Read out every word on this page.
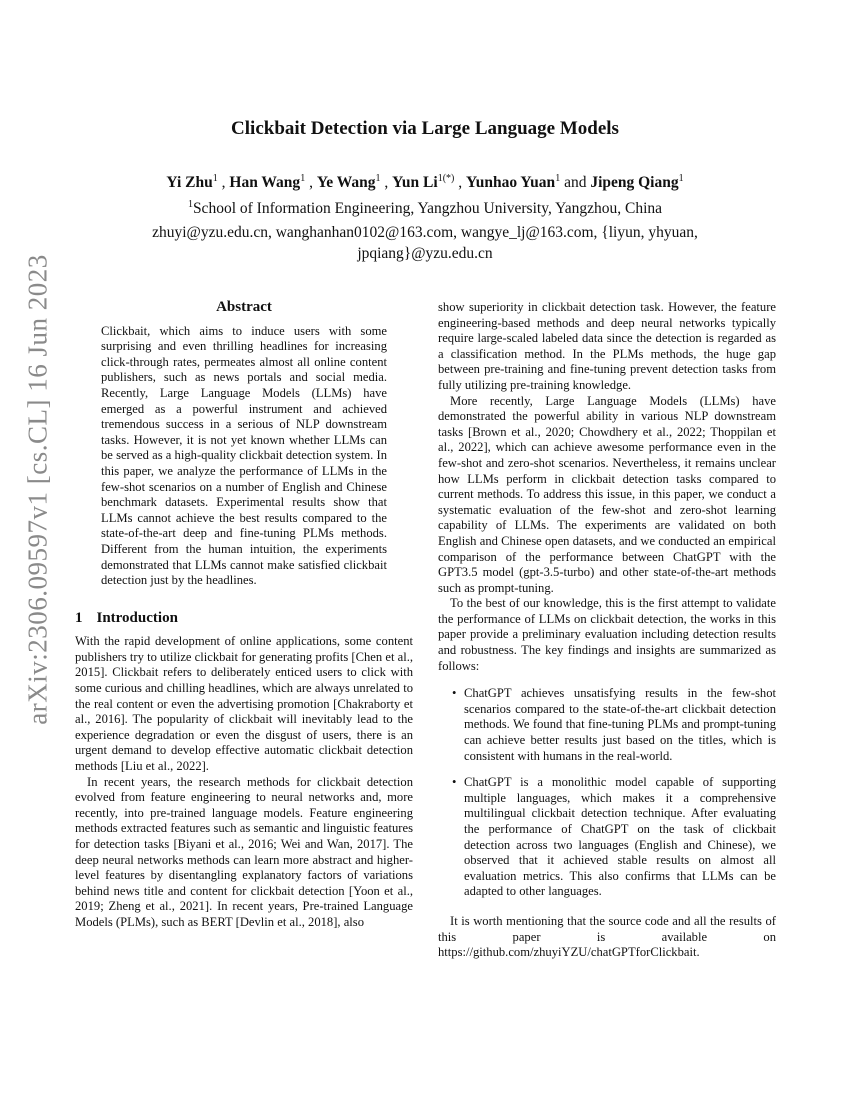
arXiv:2306.09597v1 [cs.CL] 16 Jun 2023
Clickbait Detection via Large Language Models
Yi Zhu$^1$ , Han Wang$^1$ , Ye Wang$^1$ , Yun $Li^{1(*)}$ , Yunhao Yuan$^1$ and Jipeng Qiang$^1$
$^1$School of Information Engineering, Yangzhou University, Yangzhou, China
zhuyi@yzu.edu.cn, wanghanhan0102@163.com, wangye_lj@163.com, {liyun, yhyuan,
jpqiang}@yzu.edu.cn
Abstract

Clickbait, which aims to induce users with some surprising and even thrilling headlines for increasing click-through rates, permeates almost all online content publishers, such as news portals and social media. Recently, Large Language Models (LLMs) have emerged as a powerful instrument and achieved tremendous success in a serious of NLP downstream tasks. However, it is not yet known whether LLMs can be served as a high-quality clickbait detection system. In this paper, we analyze the performance of LLMs in the few-shot scenarios on a number of English and Chinese benchmark datasets. Experimental results show that LLMs cannot achieve the best results compared to the state-of-the-art deep and fine-tuning PLMs methods. Different from the human intuition, the experiments demonstrated that LLMs cannot make satisfied clickbait detection just by the headlines.

1 Introduction

With the rapid development of online applications, some content publishers try to utilize clickbait for generating profits [Chen et al., 2015]. Clickbait refers to deliberately enticed users to click with some curious and chilling headlines, which are always unrelated to the real content or even the advertising promotion [Chakraborty et al., 2016]. The popularity of clickbait will inevitably lead to the experience degradation or even the disgust of users, there is an urgent demand to develop effective automatic clickbait detection methods [Liu et al., 2022].

In recent years, the research methods for clickbait detection evolved from feature engineering to neural networks and, more recently, into pre-trained language models. Feature engineering methods extracted features such as semantic and linguistic features for detection tasks [Biyani et al., 2016; Wei and Wan, 2017]. The deep neural networks methods can learn more abstract and higher-level features by disentangling explanatory factors of variations behind news title and content for clickbait detection [Yoon et al., 2019; Zheng et al., 2021]. In recent years, Pre-trained Language Models (PLMs), such as BERT [Devlin et al., 2018], also

show superiority in clickbait detection task. However, the feature engineering-based methods and deep neural networks typically require large-scaled labeled data since the detection is regarded as a classification method. In the PLMs methods, the huge gap between pre-training and fine-tuning prevent detection tasks from fully utilizing pre-training knowledge.

More recently, Large Language Models (LLMs) have demonstrated the powerful ability in various NLP downstream tasks [Brown et al., 2020; Chowdhery et al., 2022; Thoppilan et al., 2022], which can achieve awesome performance even in the few-shot and zero-shot scenarios. Nevertheless, it remains unclear how LLMs perform in clickbait detection tasks compared to current methods. To address this issue, in this paper, we conduct a systematic evaluation of the few-shot and zero-shot learning capability of LLMs. The experiments are validated on both English and Chinese open datasets, and we conducted an empirical comparison of the performance between ChatGPT with the GPT3.5 model (gpt-3.5-turbo) and other state-of-the-art methods such as prompt-tuning.

To the best of our knowledge, this is the first attempt to validate the performance of LLMs on clickbait detection, the works in this paper provide a preliminary evaluation including detection results and robustness. The key findings and insights are summarized as follows:

• ChatGPT achieves unsatisfying results in the few-shot scenarios compared to the state-of-the-art clickbait detection methods. We found that fine-tuning PLMs and prompt-tuning can achieve better results just based on the titles, which is consistent with humans in the real-world.
• ChatGPT is a monolithic model capable of supporting multiple languages, which makes it a comprehensive multilingual clickbait detection technique. After evaluating the performance of ChatGPT on the task of clickbait detection across two languages (English and Chinese), we observed that it achieved stable results on almost all evaluation metrics. This also confirms that LLMs can be adapted to other languages.

It is worth mentioning that the source code and all the results of this paper is available on https://github.com/zhuyiYZU/chatGPTforClickbait.
